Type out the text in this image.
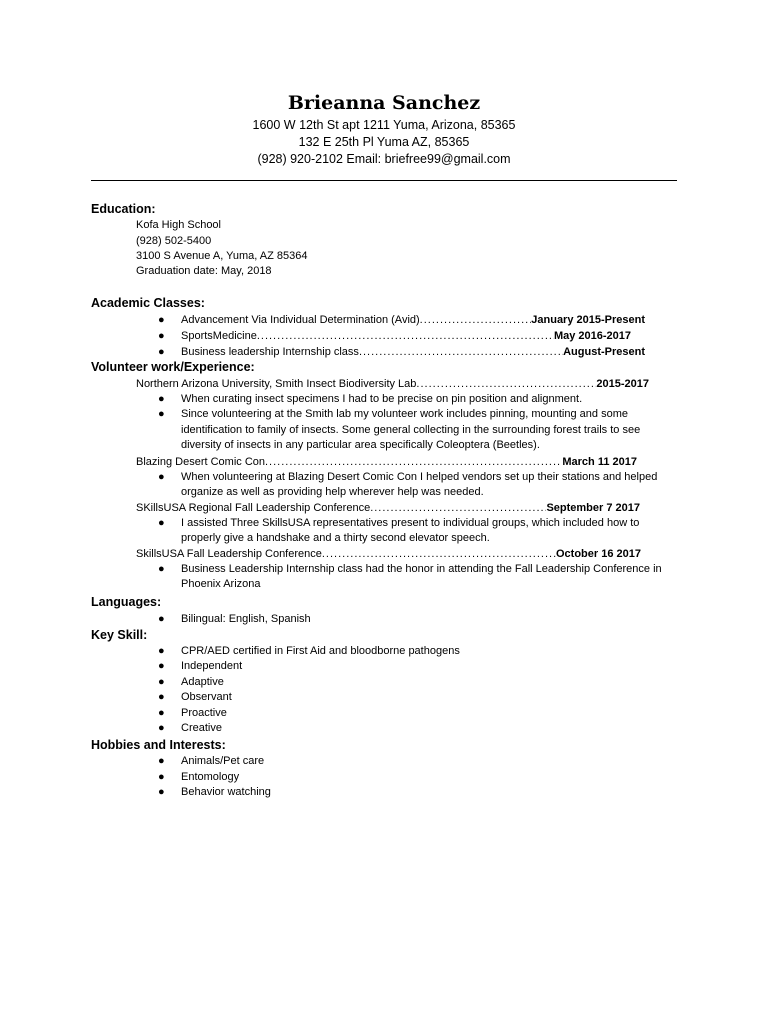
Brieanna Sanchez
1600 W 12th St apt 1211 Yuma, Arizona, 85365
132 E 25th Pl Yuma AZ, 85365
(928) 920-2102 Email: briefree99@gmail.com
Education:
Kofa High School
(928) 502-5400
3100 S Avenue A, Yuma, AZ 85364
Graduation date: May, 2018
Academic Classes:
● Advancement Via Individual Determination (Avid) .....	January 2015-Present
● SportsMedicine .....	May 2016-2017
● Business leadership Internship class .....	August-Present
Volunteer work/Experience:
Northern Arizona University, Smith Insect Biodiversity Lab .....	2015-2017
● When curating insect specimens I had to be precise on pin position and alignment.
● Since volunteering at the Smith lab my volunteer work includes pinning, mounting and some
identification to family of insects. Some general collecting in the surrounding forest trails to see
diversity of insects in any particular area specifically Coleoptera (Beetles).
Blazing Desert Comic Con .....	March 11 2017
● When volunteering at Blazing Desert Comic Con I helped vendors set up their stations and helped
organize as well as providing help wherever help was needed.
SKillsUSA Regional Fall Leadership Conference .....	September 7 2017
● I assisted Three SkillsUSA representatives present to individual groups, which included how to
properly give a handshake and a thirty second elevator speech.
SkillsUSA Fall Leadership Conference .....	October 16 2017
● Business Leadership Internship class had the honor in attending the Fall Leadership Conference in
Phoenix Arizona
Languages:
● Bilingual: English, Spanish
Key Skill:
● CPR/AED certified in First Aid and bloodborne pathogens
● Independent
● Adaptive
● Observant
● Proactive
● Creative
Hobbies and Interests:
● Animals/Pet care
● Entomology
● Behavior watching
